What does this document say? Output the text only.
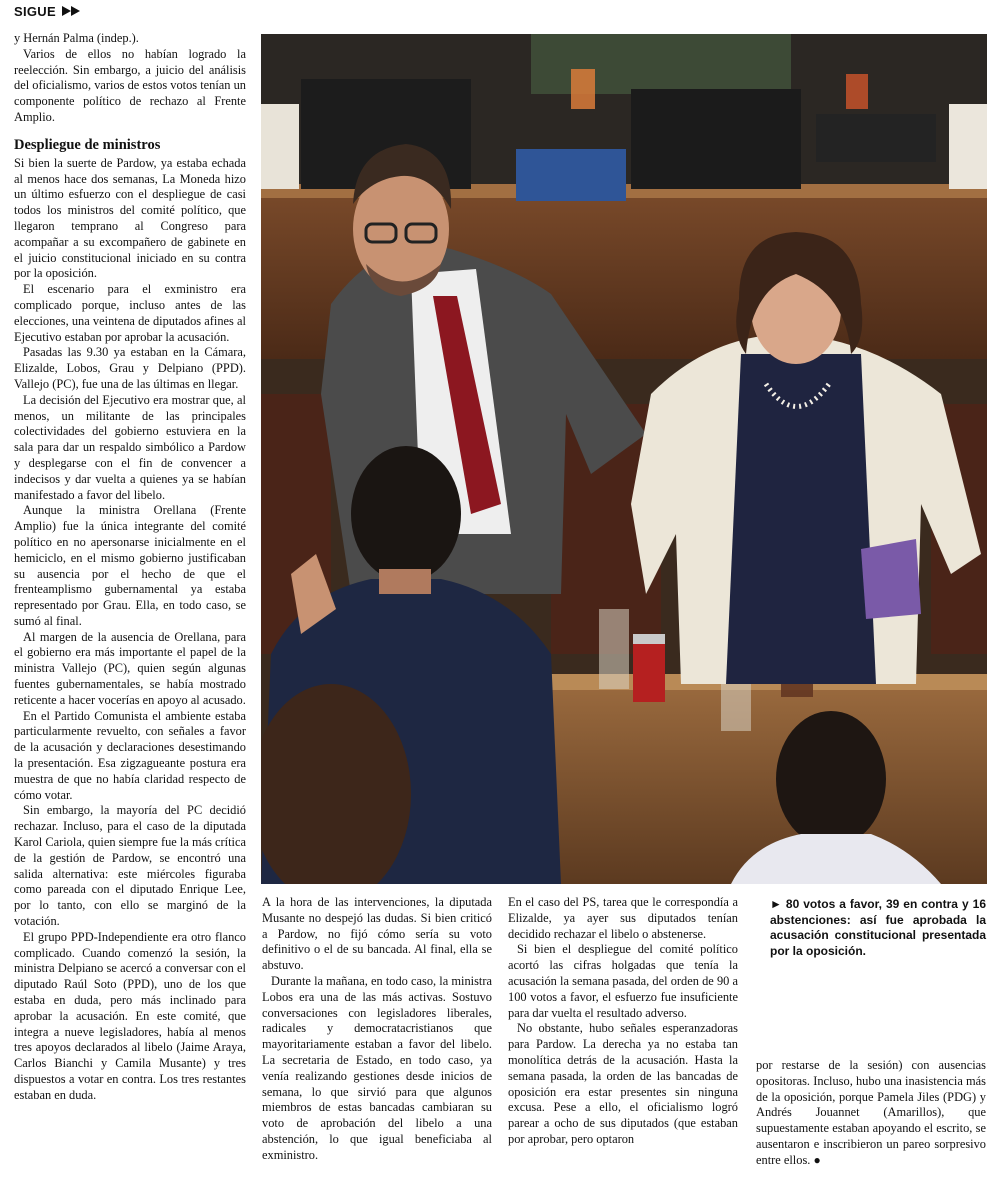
SIGUE

y Hernán Palma (indep.).

Varios de ellos no habían logrado la reelección. Sin embargo, a juicio del análisis del oficialismo, varios de estos votos tenían un componente político de rechazo al Frente Amplio.

Despliegue de ministros

Si bien la suerte de Pardow, ya estaba echada al menos hace dos semanas, La Moneda hizo un último esfuerzo con el despliegue de casi todos los ministros del comité político, que llegaron temprano al Congreso para acompañar a su excompañero de gabinete en el juicio constitucional iniciado en su contra por la oposición.

El escenario para el exministro era complicado porque, incluso antes de las elecciones, una veintena de diputados afines al Ejecutivo estaban por aprobar la acusación.

Pasadas las 9.30 ya estaban en la Cámara, Elizalde, Lobos, Grau y Delpiano (PPD). Vallejo (PC), fue una de las últimas en llegar.

La decisión del Ejecutivo era mostrar que, al menos, un militante de las principales colectividades del gobierno estuviera en la sala para dar un respaldo simbólico a Pardow y desplegarse con el fin de convencer a indecisos y dar vuelta a quienes ya se habían manifestado a favor del libelo.

Aunque la ministra Orellana (Frente Amplio) fue la única integrante del comité político en no apersonarse inicialmente en el hemiciclo, en el mismo gobierno justificaban su ausencia por el hecho de que el frenteamplismo gubernamental ya estaba representado por Grau. Ella, en todo caso, se sumó al final.

Al margen de la ausencia de Orellana, para el gobierno era más importante el papel de la ministra Vallejo (PC), quien según algunas fuentes gubernamentales, se había mostrado reticente a hacer vocerías en apoyo al acusado.

En el Partido Comunista el ambiente estaba particularmente revuelto, con señales a favor de la acusación y declaraciones desestimando la presentación. Esa zigzagueante postura era muestra de que no había claridad respecto de cómo votar.

Sin embargo, la mayoría del PC decidió rechazar. Incluso, para el caso de la diputada Karol Cariola, quien siempre fue la más crítica de la gestión de Pardow, se encontró una salida alternativa: este miércoles figuraba como pareada con el diputado Enrique Lee, por lo tanto, con ello se marginó de la votación.

El grupo PPD-Independiente era otro flanco complicado. Cuando comenzó la sesión, la ministra Delpiano se acercó a conversar con el diputado Raúl Soto (PPD), uno de los que estaba en duda, pero más inclinado para aprobar la acusación. En este comité, que integra a nueve legisladores, había al menos tres apoyos declarados al libelo (Jaime Araya, Carlos Bianchi y Camila Musante) y tres dispuestos a votar en contra. Los tres restantes estaban en duda.

A la hora de las intervenciones, la diputada Musante no despejó las dudas. Si bien criticó a Pardow, no fijó cómo sería su voto definitivo o el de su bancada. Al final, ella se abstuvo.

Durante la mañana, en todo caso, la ministra Lobos era una de las más activas. Sostuvo conversaciones con legisladores liberales, radicales y democratacristianos que mayoritariamente estaban a favor del libelo. La secretaria de Estado, en todo caso, ya venía realizando gestiones desde inicios de semana, lo que sirvió para que algunos miembros de estas bancadas cambiaran su voto de aprobación del libelo a una abstención, lo que igual beneficiaba al exministro.

En el caso del PS, tarea que le correspondía a Elizalde, ya ayer sus diputados tenían decidido rechazar el libelo o abstenerse.

Si bien el despliegue del comité político acortó las cifras holgadas que tenía la acusación la semana pasada, del orden de 90 a 100 votos a favor, el esfuerzo fue insuficiente para dar vuelta el resultado adverso.

No obstante, hubo señales esperanzadoras para Pardow. La derecha ya no estaba tan monolítica detrás de la acusación. Hasta la semana pasada, la orden de las bancadas de oposición era estar presentes sin ninguna excusa. Pese a ello, el oficialismo logró parear a ocho de sus diputados (que estaban por aprobar, pero optaron

► 80 votos a favor, 39 en contra y 16 abstenciones: así fue aprobada la acusación constitucional presentada por la oposición.

por restarse de la sesión) con ausencias opositoras. Incluso, hubo una inasistencia más de la oposición, porque Pamela Jiles (PDG) y Andrés Jouannet (Amarillos), que supuestamente estaban apoyando el escrito, se ausentaron e inscribieron un pareo sorpresivo entre ellos. ●
